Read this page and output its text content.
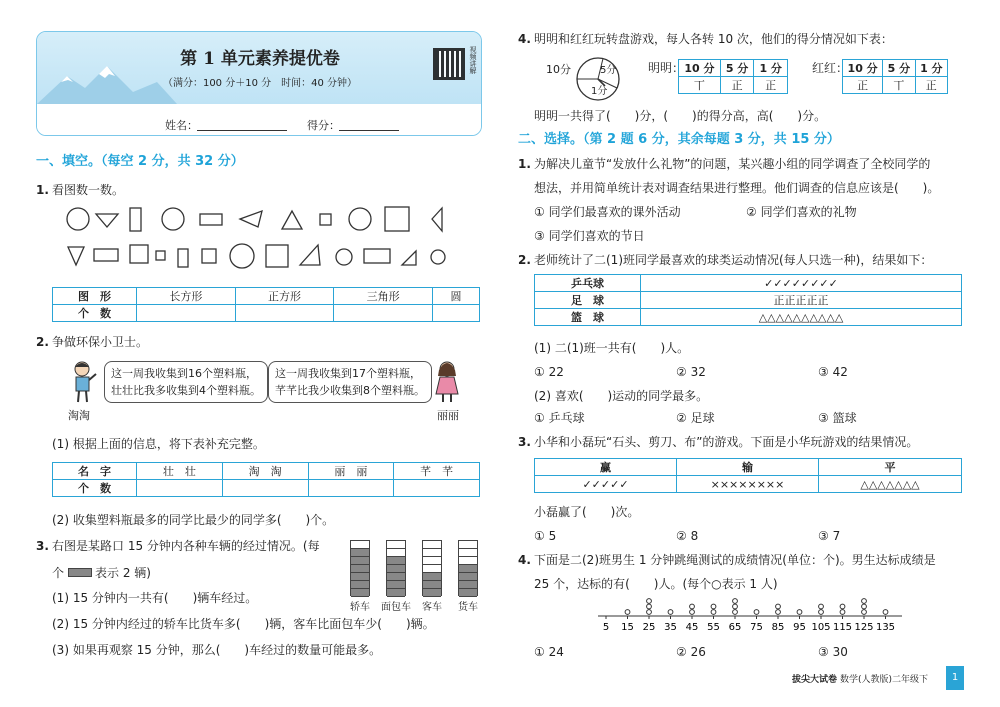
第 1 单元素养提优卷
（满分：100 分＋10 分　时间：40 分钟）
视频讲解
姓名：	得分：
一、填空。（每空 2 分，共 32 分）
1. 看图数一数。
图　形	长方形	正方形	三角形	圆
个　数				
2. 争做环保小卫士。
淘淘
这一周我收集到16个塑料瓶，
壮壮比我多收集到4个塑料瓶。
这一周我收集到17个塑料瓶，
芊芊比我少收集到8个塑料瓶。
丽丽
(1) 根据上面的信息，将下表补充完整。
名　字	壮　壮	淘　淘	丽　丽	芊　芊
个　数				
(2) 收集塑料瓶最多的同学比最少的同学多(　　)个。
3. 右图是某路口 15 分钟内各种车辆的经过情况。(每
个	表示 2 辆)
(1) 15 分钟内一共有(　　)辆车经过。
(2) 15 分钟内经过的轿车比货车多(　　)辆，客车比面包车少(　　)辆。
(3) 如果再观察 15 分钟，那么(　　)车经过的数量可能最多。
轿车	面包车	客车	货车
4. 明明和红红玩转盘游戏，每人各转 10 次，他们的得分情况如下表：
10分	5分
1分
明明： 10 分	5 分	1 分
丅	正	正
红红： 10 分	5 分	1 分
正	丅	正
明明一共得了(　　)分，(　　)的得分高，高(　　)分。
二、选择。（第 2 题 6 分，其余每题 3 分，共 15 分）
1. 为解决儿童节“发放什么礼物”的问题，某兴趣小组的同学调查了全校同学的
想法，并用简单统计表对调查结果进行整理。他们调查的信息应该是(　　)。
① 同学们最喜欢的课外活动	② 同学们喜欢的礼物
③ 同学们喜欢的节日
2. 老师统计了二(1)班同学最喜欢的球类运动情况(每人只选一种)，结果如下：
乒乓球	✓✓✓✓✓✓✓✓
足　球	正正正正正
篮　球	△△△△△△△△△△
(1) 二(1)班一共有(　　)人。
① 22	② 32	③ 42
(2) 喜欢(　　)运动的同学最多。
① 乒乓球	② 足球	③ 篮球
3. 小华和小磊玩“石头、剪刀、布”的游戏。下面是小华玩游戏的结果情况。
赢	输	平
✓✓✓✓✓	××××××××	△△△△△△△
小磊赢了(　　)次。
① 5	② 8	③ 7
4. 下面是二(2)班男生 1 分钟跳绳测试的成绩情况(单位：个)。男生达标成绩是
25 个，达标的有(　　)人。(每个○表示 1 人)
5 15 25 35 45 55 65 75 85 95 105 115 125 135
① 24	② 26	③ 30
拔尖大试卷 数学(人教版)二年级下	1
